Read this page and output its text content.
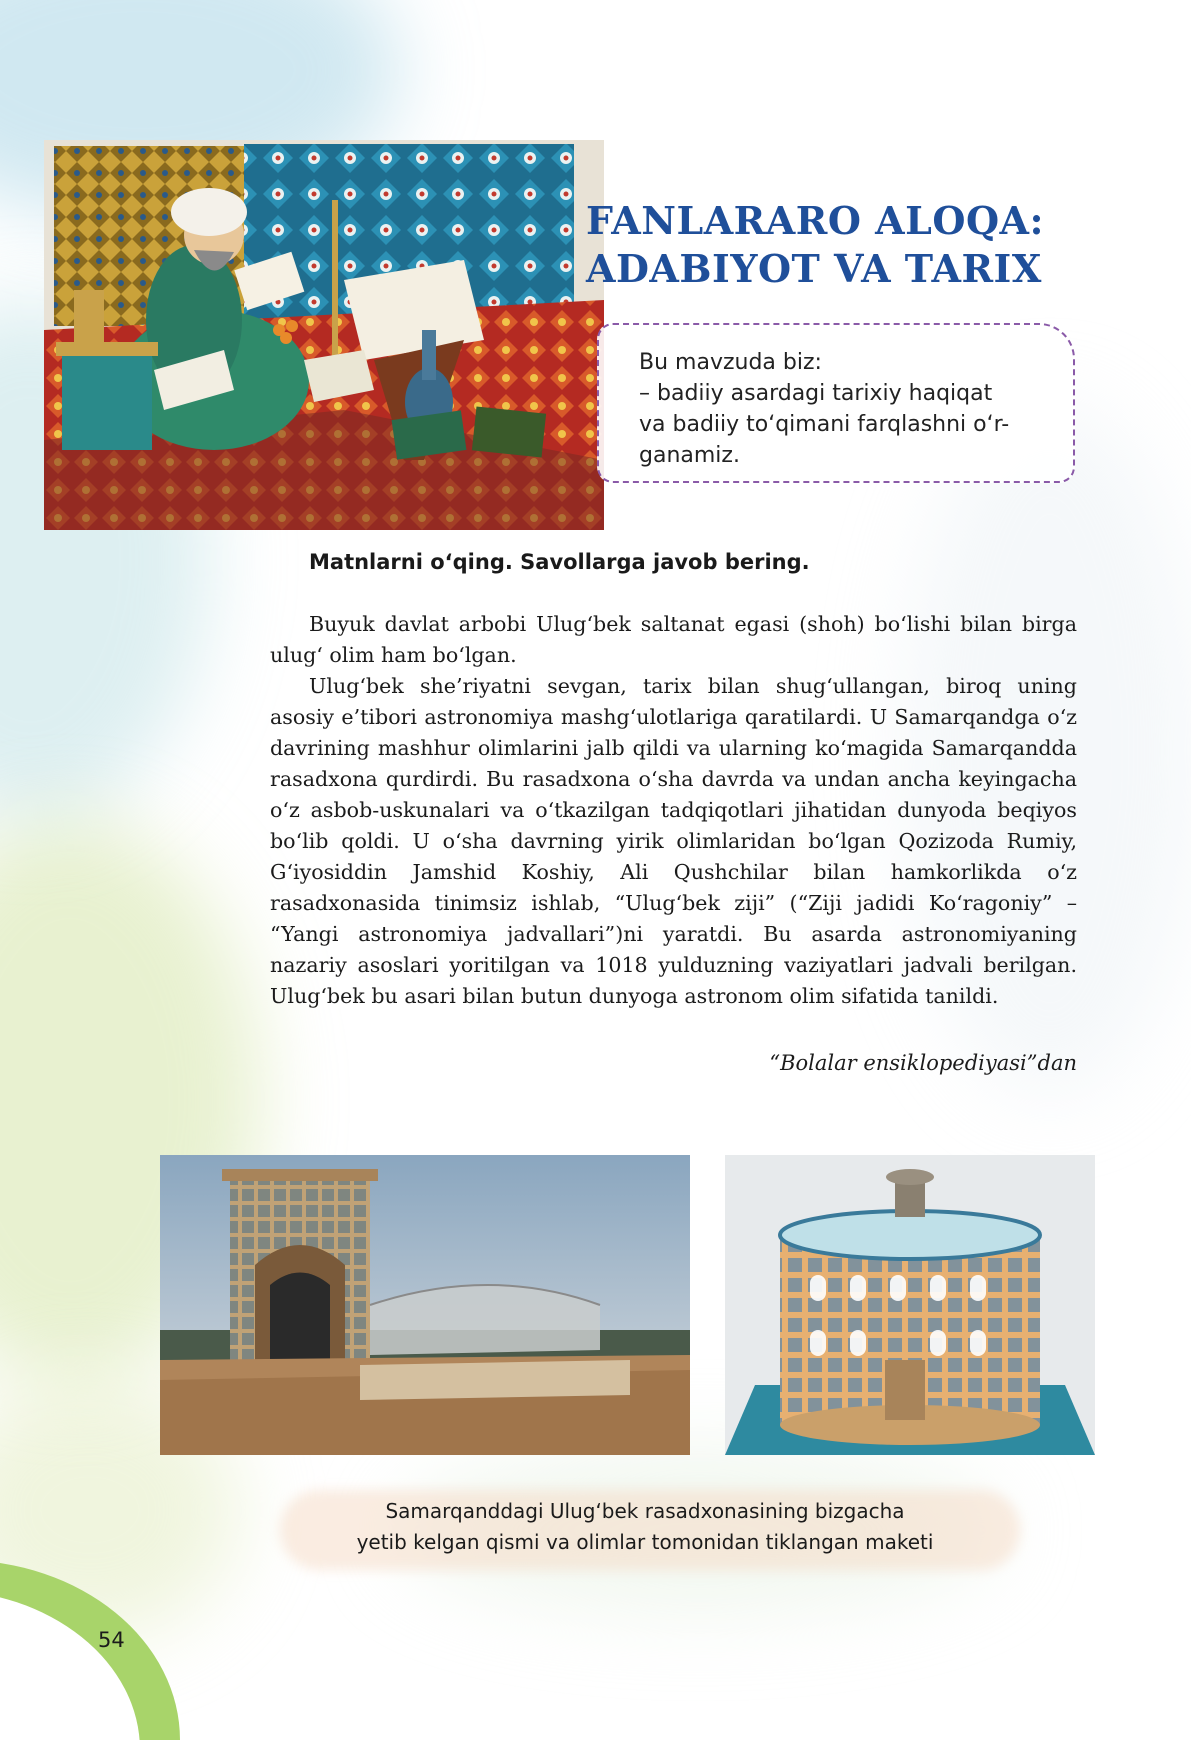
FANLARARO ALOQA:
ADABIYOT VA TARIX
Bu mavzuda biz:
– badiiy asardagi tarixiy haqiqat
va badiiy to‘qimani farqlashni o‘r-
ganamiz.
Matnlarni o‘qing. Savollarga javob bering.

Buyuk davlat arbobi Ulug‘bek saltanat egasi (shoh) bo‘lishi bilan birga ulug‘ olim ham bo‘lgan.

Ulug‘bek she’riyatni sevgan, tarix bilan shug‘ullangan, biroq uning asosiy e’tibori astronomiya mashg‘ulotlariga qaratilardi. U Samarqandga o‘z davrining mashhur olimlarini jalb qildi va ularning ko‘magida Samarqandda rasadxona qurdirdi. Bu rasadxona o‘sha davrda va undan ancha keyingacha o‘z asbob-uskunalari va o‘tkazilgan tadqiqotlari jihatidan dunyoda beqiyos bo‘lib qoldi. U o‘sha davrning yirik olimlaridan bo‘lgan Qozizoda Rumiy, G‘iyosiddin Jamshid Koshiy, Ali Qushchilar bilan hamkorlikda o‘z rasadxonasida tinimsiz ishlab, “Ulug‘bek ziji” (“Ziji jadidi Ko‘ragoniy” – “Yangi astronomiya jadvallari”)ni yaratdi. Bu asarda astronomiyaning nazariy asoslari yoritilgan va 1018 yulduzning vaziyatlari jadvali berilgan. Ulug‘bek bu asari bilan butun dunyoga astronom olim sifatida tanildi.

“Bolalar ensiklopediyasi”dan
Samarqanddagi Ulug‘bek rasadxonasining bizgacha
yetib kelgan qismi va olimlar tomonidan tiklangan maketi
54
